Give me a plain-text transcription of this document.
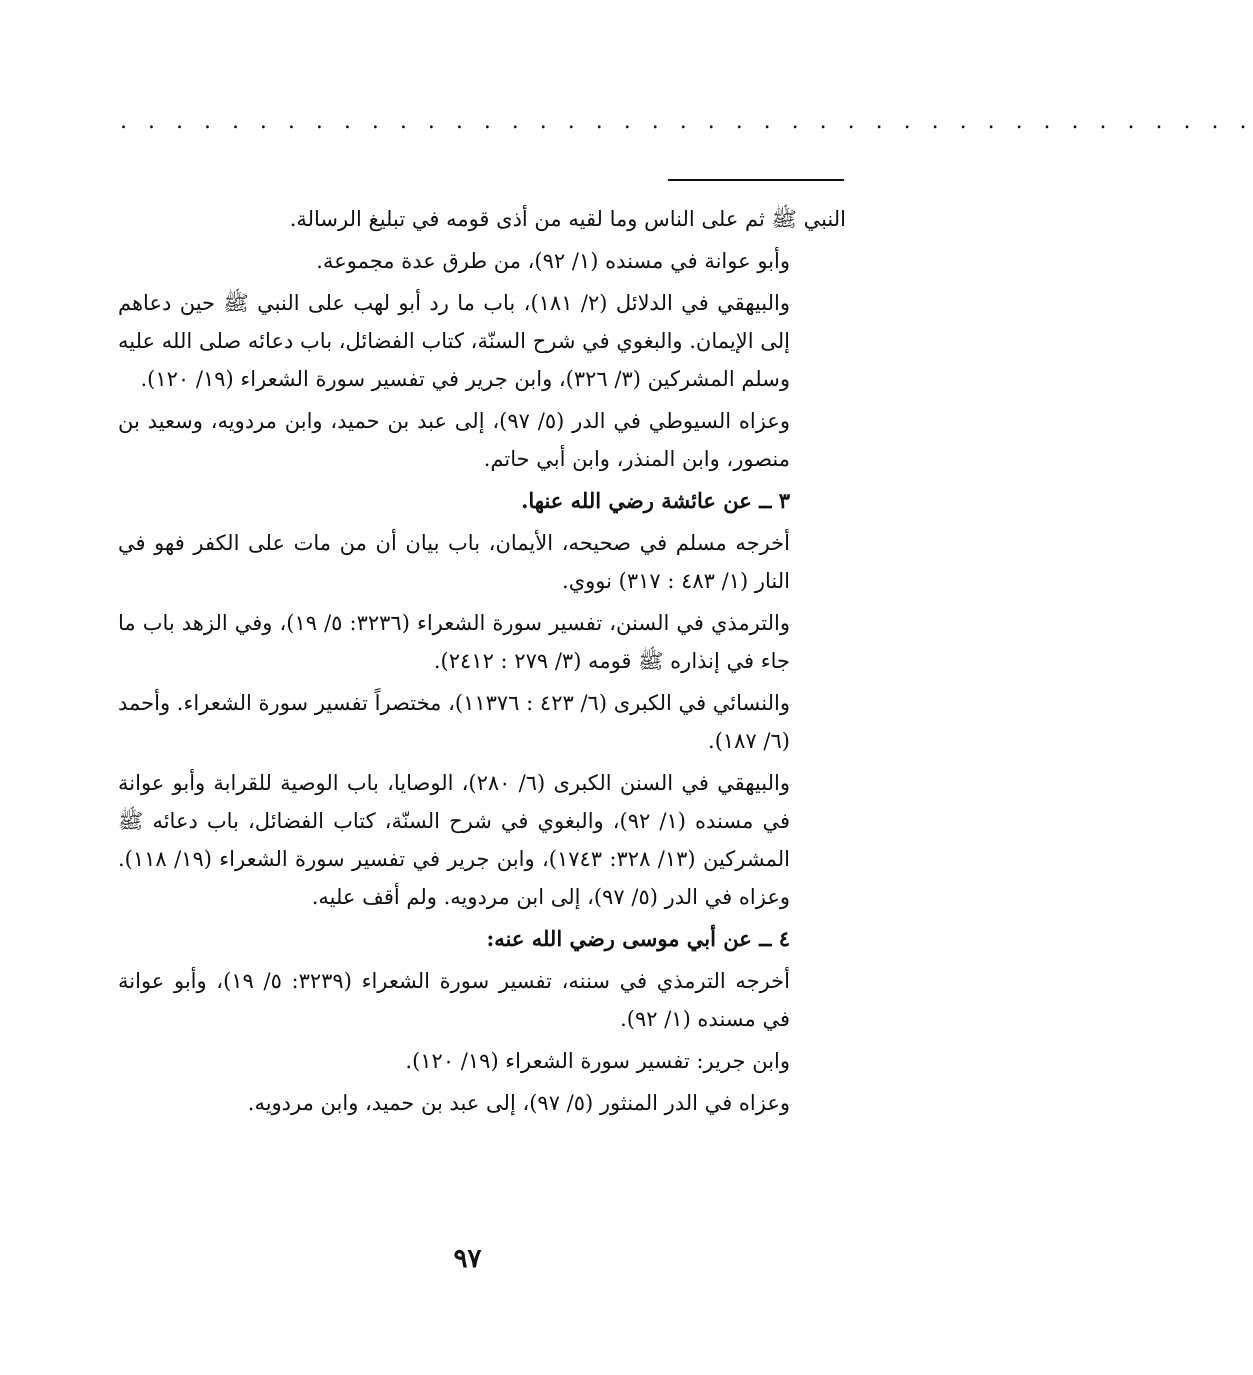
. . . . . . . . . . . . . . . . . . . . . . . . . . . . . . . . . . . . . . . . .

النبي ﷺ ثم على الناس وما لقيه من أذى قومه في تبليغ الرسالة.

وأبو عوانة في مسنده (١/ ٩٢)، من طرق عدة مجموعة.

والبيهقي في الدلائل (٢/ ١٨١)، باب ما رد أبو لهب على النبي ﷺ حين دعاهم إلى الإيمان. والبغوي في شرح السنّة، كتاب الفضائل، باب دعائه صلى الله عليه وسلم المشركين (٣/ ٣٢٦)، وابن جرير في تفسير سورة الشعراء (١٩/ ١٢٠).

وعزاه السيوطي في الدر (٥/ ٩٧)، إلى عبد بن حميد، وابن مردويه، وسعيد بن منصور، وابن المنذر، وابن أبي حاتم.

٣ ــ عن عائشة رضي الله عنها.

أخرجه مسلم في صحيحه، الأيمان، باب بيان أن من مات على الكفر فهو في النار (١/ ٤٨٣ : ٣١٧) نووي.

والترمذي في السنن، تفسير سورة الشعراء (٣٢٣٦: ٥/ ١٩)، وفي الزهد باب ما جاء في إنذاره ﷺ قومه (٣/ ٢٧٩ : ٢٤١٢).

والنسائي في الكبرى (٦/ ٤٢٣ : ١١٣٧٦)، مختصراً تفسير سورة الشعراء. وأحمد (٦/ ١٨٧).

والبيهقي في السنن الكبرى (٦/ ٢٨٠)، الوصايا، باب الوصية للقرابة وأبو عوانة في مسنده (١/ ٩٢)، والبغوي في شرح السنّة، كتاب الفضائل، باب دعائه ﷺ المشركين (١٣/ ٣٢٨: ١٧٤٣)، وابن جرير في تفسير سورة الشعراء (١٩/ ١١٨). وعزاه في الدر (٥/ ٩٧)، إلى ابن مردويه. ولم أقف عليه.

٤ ــ عن أبي موسى رضي الله عنه:

أخرجه الترمذي في سننه، تفسير سورة الشعراء (٣٢٣٩: ٥/ ١٩)، وأبو عوانة في مسنده (١/ ٩٢).

وابن جرير: تفسير سورة الشعراء (١٩/ ١٢٠).

وعزاه في الدر المنثور (٥/ ٩٧)، إلى عبد بن حميد، وابن مردويه.

٩٧
